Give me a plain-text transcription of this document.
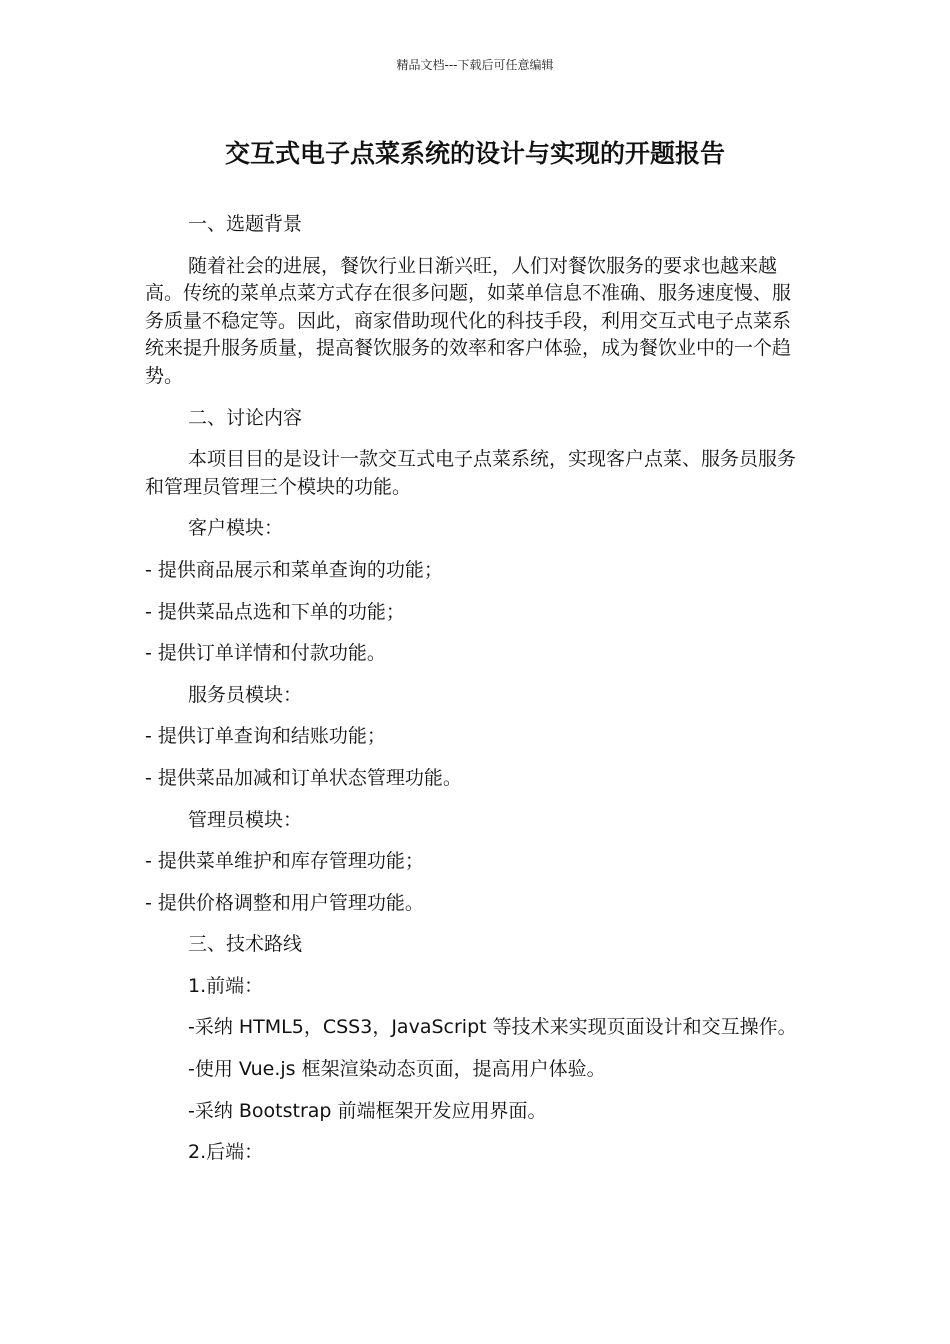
精品文档---下载后可任意编辑
交互式电子点菜系统的设计与实现的开题报告

一、选题背景

随着社会的进展，餐饮行业日渐兴旺，人们对餐饮服务的要求也越来越高。传统的菜单点菜方式存在很多问题，如菜单信息不准确、服务速度慢、服务质量不稳定等。因此，商家借助现代化的科技手段，利用交互式电子点菜系统来提升服务质量，提高餐饮服务的效率和客户体验，成为餐饮业中的一个趋势。

二、讨论内容

本项目目的是设计一款交互式电子点菜系统，实现客户点菜、服务员服务和管理员管理三个模块的功能。

客户模块：

- 提供商品展示和菜单查询的功能；

- 提供菜品点选和下单的功能；

- 提供订单详情和付款功能。

服务员模块：

- 提供订单查询和结账功能；

- 提供菜品加减和订单状态管理功能。

管理员模块：

- 提供菜单维护和库存管理功能；

- 提供价格调整和用户管理功能。

三、技术路线

1.前端：

-采纳 HTML5，CSS3，JavaScript 等技术来实现页面设计和交互操作。

-使用 Vue.js 框架渲染动态页面，提高用户体验。

-采纳 Bootstrap 前端框架开发应用界面。

2.后端：
